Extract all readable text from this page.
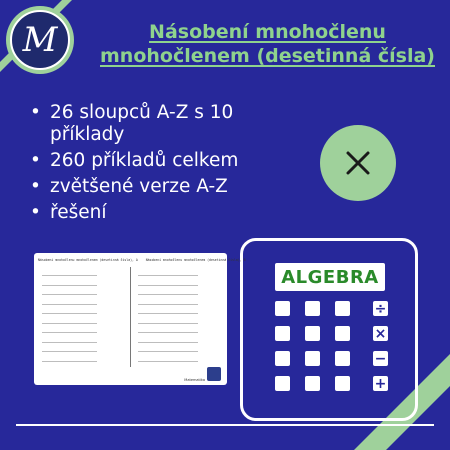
M	Násobení mnohočlenu
mnohočlenem (desetinná čísla)
• 26 sloupců A-Z s 10 příklady
• 260 příkladů celkem
• zvětšené verze A-Z
• řešení
ALGEBRA
÷
×
−
+
Násobení mnohočlenu mnohočlenem (desetinná čísla), A Násobení mnohočlenu mnohočlenem (desetinná čísla), B
Matematika
